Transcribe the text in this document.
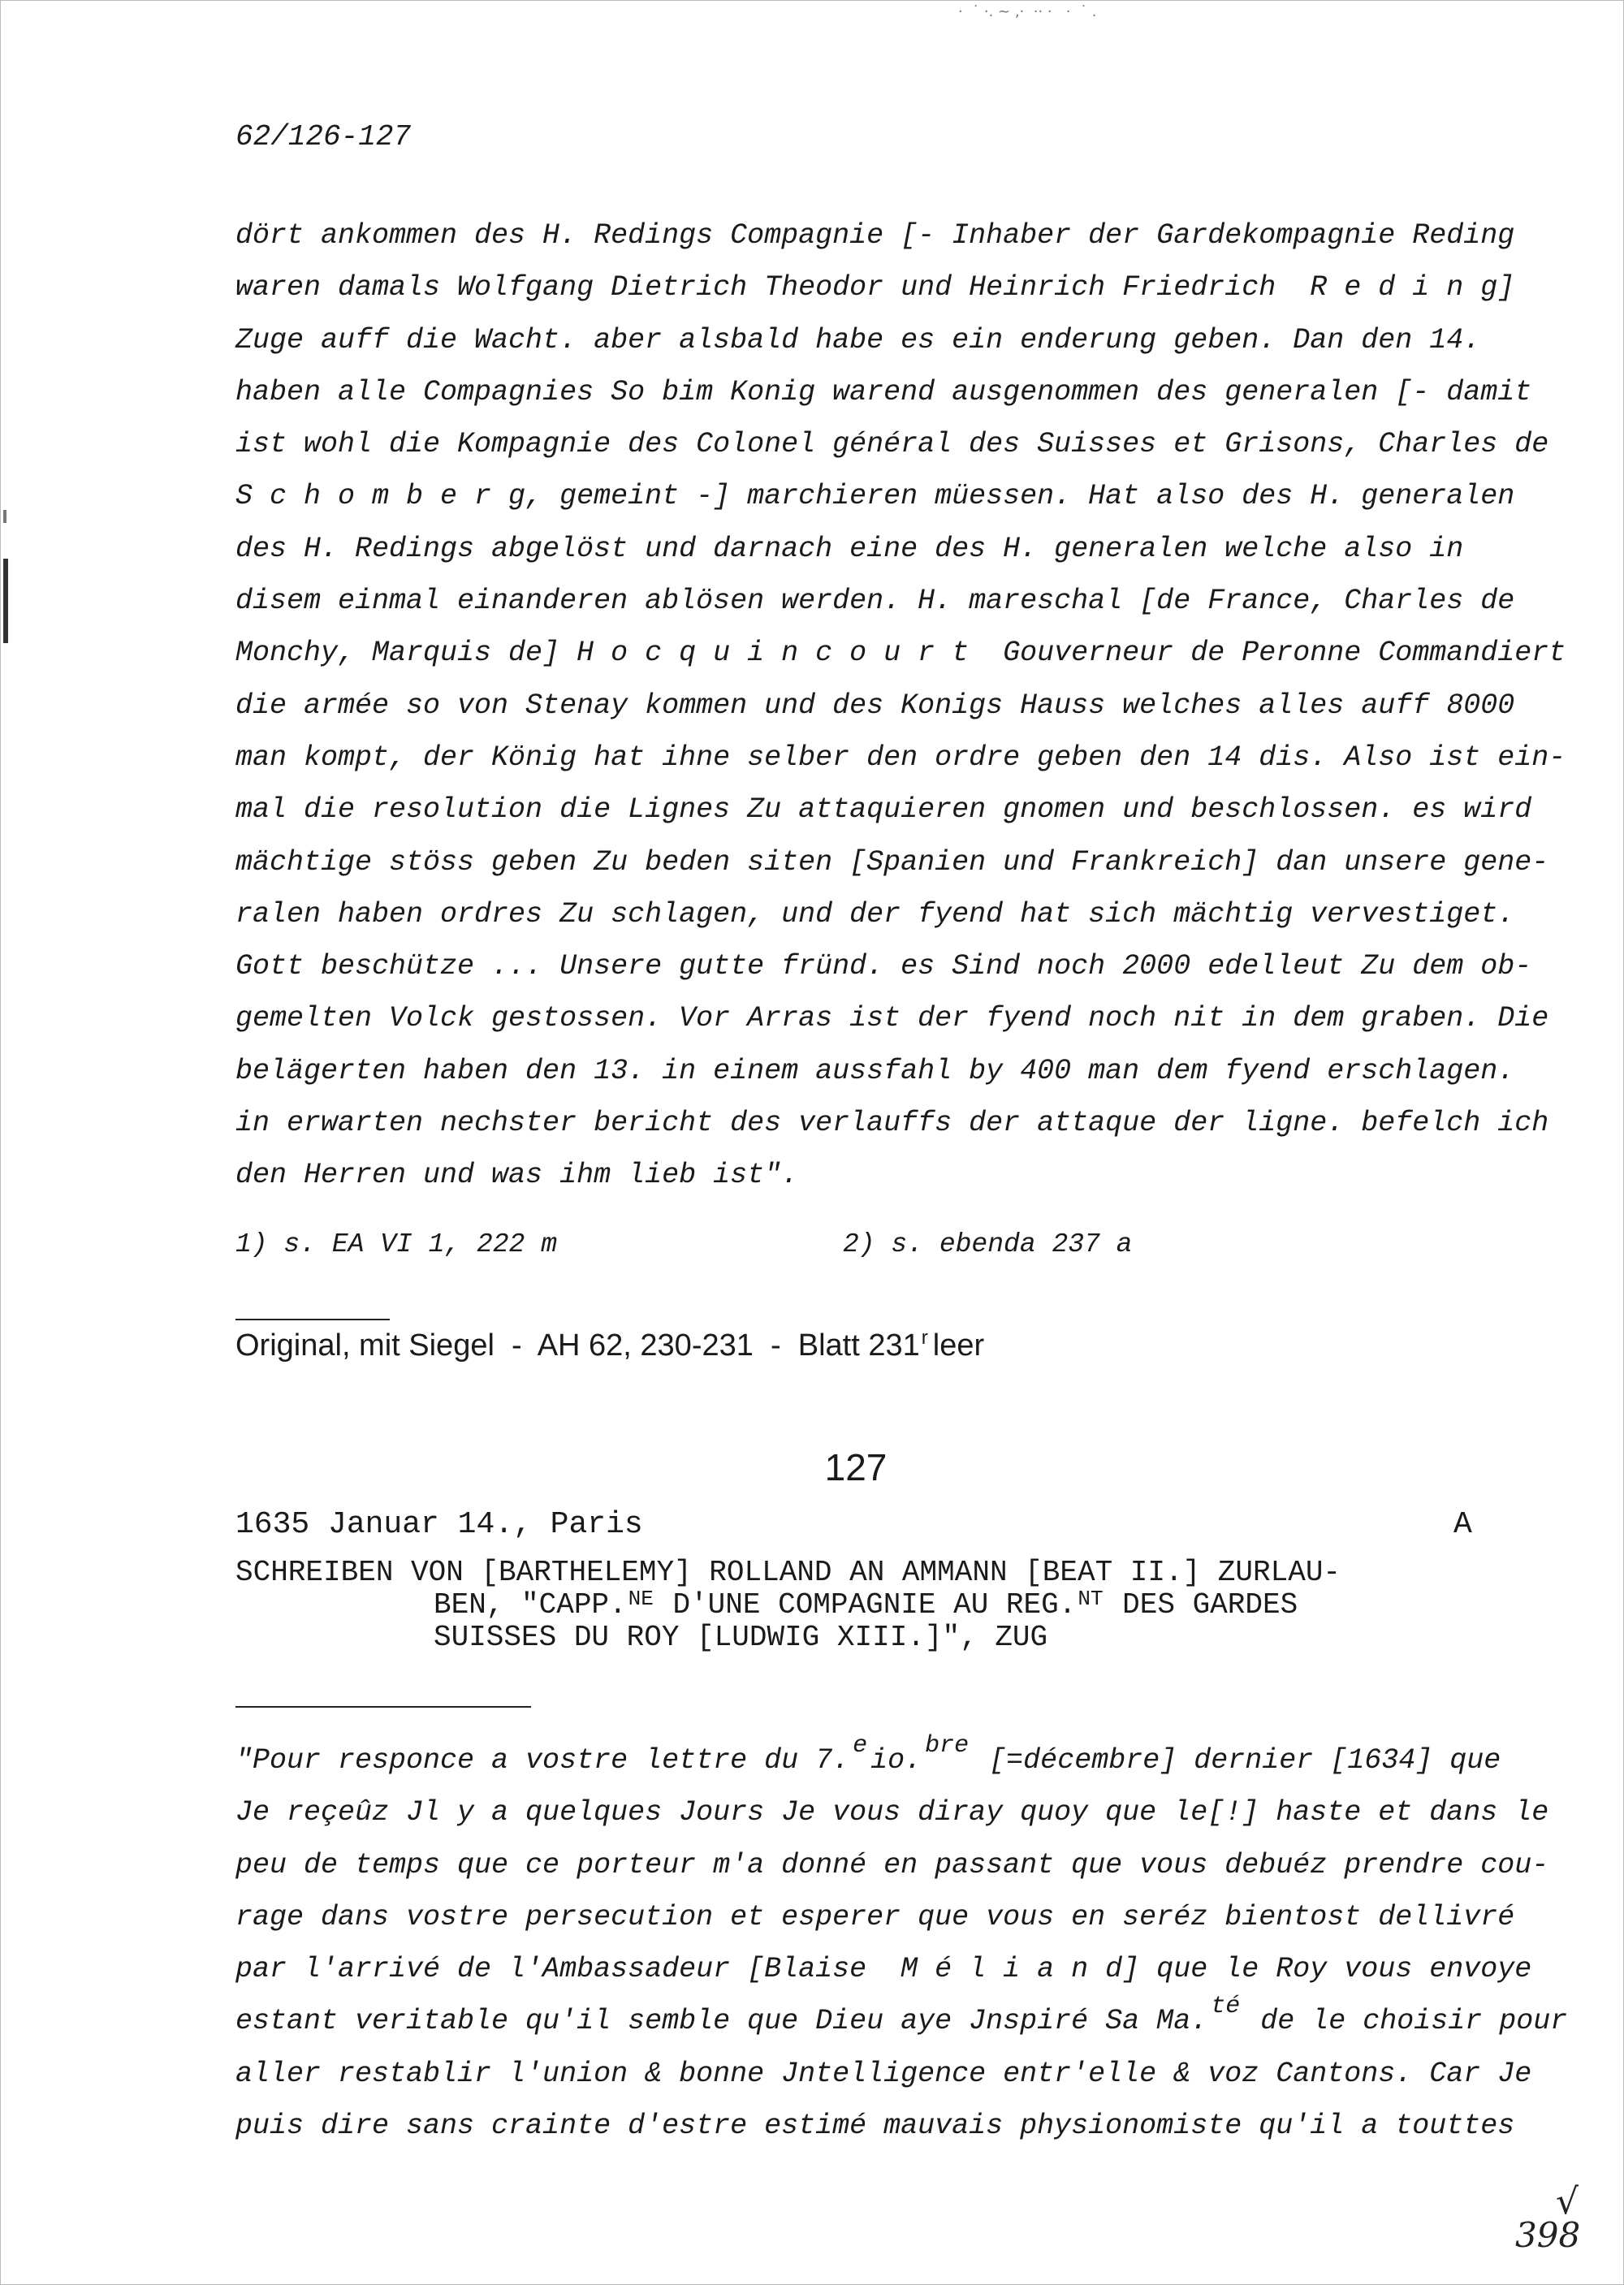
·  ˙ ·. ~ ,·  ·· ·   ·  ˙ .
62/126-127
dört ankommen des H. Redings Compagnie [- Inhaber der Gardekompagnie Reding
waren damals Wolfgang Dietrich Theodor und Heinrich Friedrich  R e d i n g]
Zuge auff die Wacht. aber alsbald habe es ein enderung geben. Dan den 14.
haben alle Compagnies So bim Konig warend ausgenommen des generalen [- damit
ist wohl die Kompagnie des Colonel général des Suisses et Grisons, Charles de
S c h o m b e r g, gemeint -] marchieren müessen. Hat also des H. generalen
des H. Redings abgelöst und darnach eine des H. generalen welche also in
disem einmal einanderen ablösen werden. H. mareschal [de France, Charles de
Monchy, Marquis de] H o c q u i n c o u r t  Gouverneur de Peronne Commandiert
die armée so von Stenay kommen und des Konigs Hauss welches alles auff 8000
man kompt, der König hat ihne selber den ordre geben den 14 dis. Also ist ein-
mal die resolution die Lignes Zu attaquieren gnomen und beschlossen. es wird
mächtige stöss geben Zu beden siten [Spanien und Frankreich] dan unsere gene-
ralen haben ordres Zu schlagen, und der fyend hat sich mächtig vervestiget.
Gott beschütze ... Unsere gutte fründ. es Sind noch 2000 edelleut Zu dem ob-
gemelten Volck gestossen. Vor Arras ist der fyend noch nit in dem graben. Die
belägerten haben den 13. in einem aussfahl by 400 man dem fyend erschlagen.
in erwarten nechster bericht des verlauffs der attaque der ligne. befelch ich
den Herren und was ihm lieb ist".
1) s. EA VI 1, 222 m	2) s. ebenda 237 a
Original, mit Siegel  -  AH 62, 230-231  -  Blatt 231$^r$ leer
127
1635 Januar 14., Paris	A
SCHREIBEN VON [BARTHELEMY] ROLLAND AN AMMANN [BEAT II.] ZURLAU-
BEN, "CAPP.$^{NE}$ D'UNE COMPAGNIE AU REG.$^{NT}$ DES GARDES
SUISSES DU ROY [LUDWIG XIII.]", ZUG
"Pour responce a vostre lettre du 7. $^e$ io. $^{bre}$ [=décembre] dernier [1634] que
Je reçeûz Jl y a quelques Jours Je vous diray quoy que le[!] haste et dans le
peu de temps que ce porteur m'a donné en passant que vous debuéz prendre cou-
rage dans vostre persecution et esperer que vous en seréz bientost dellivré
par l'arrivé de l'Ambassadeur [Blaise  M é l i a n d] que le Roy vous envoye
estant veritable qu'il semble que Dieu aye Jnspiré Sa Ma. $^{té}$ de le choisir pour
aller restablir l'union & bonne Jntelligence entr'elle & voz Cantons. Car Je
puis dire sans crainte d'estre estimé mauvais physionomiste qu'il a touttes
√
398
